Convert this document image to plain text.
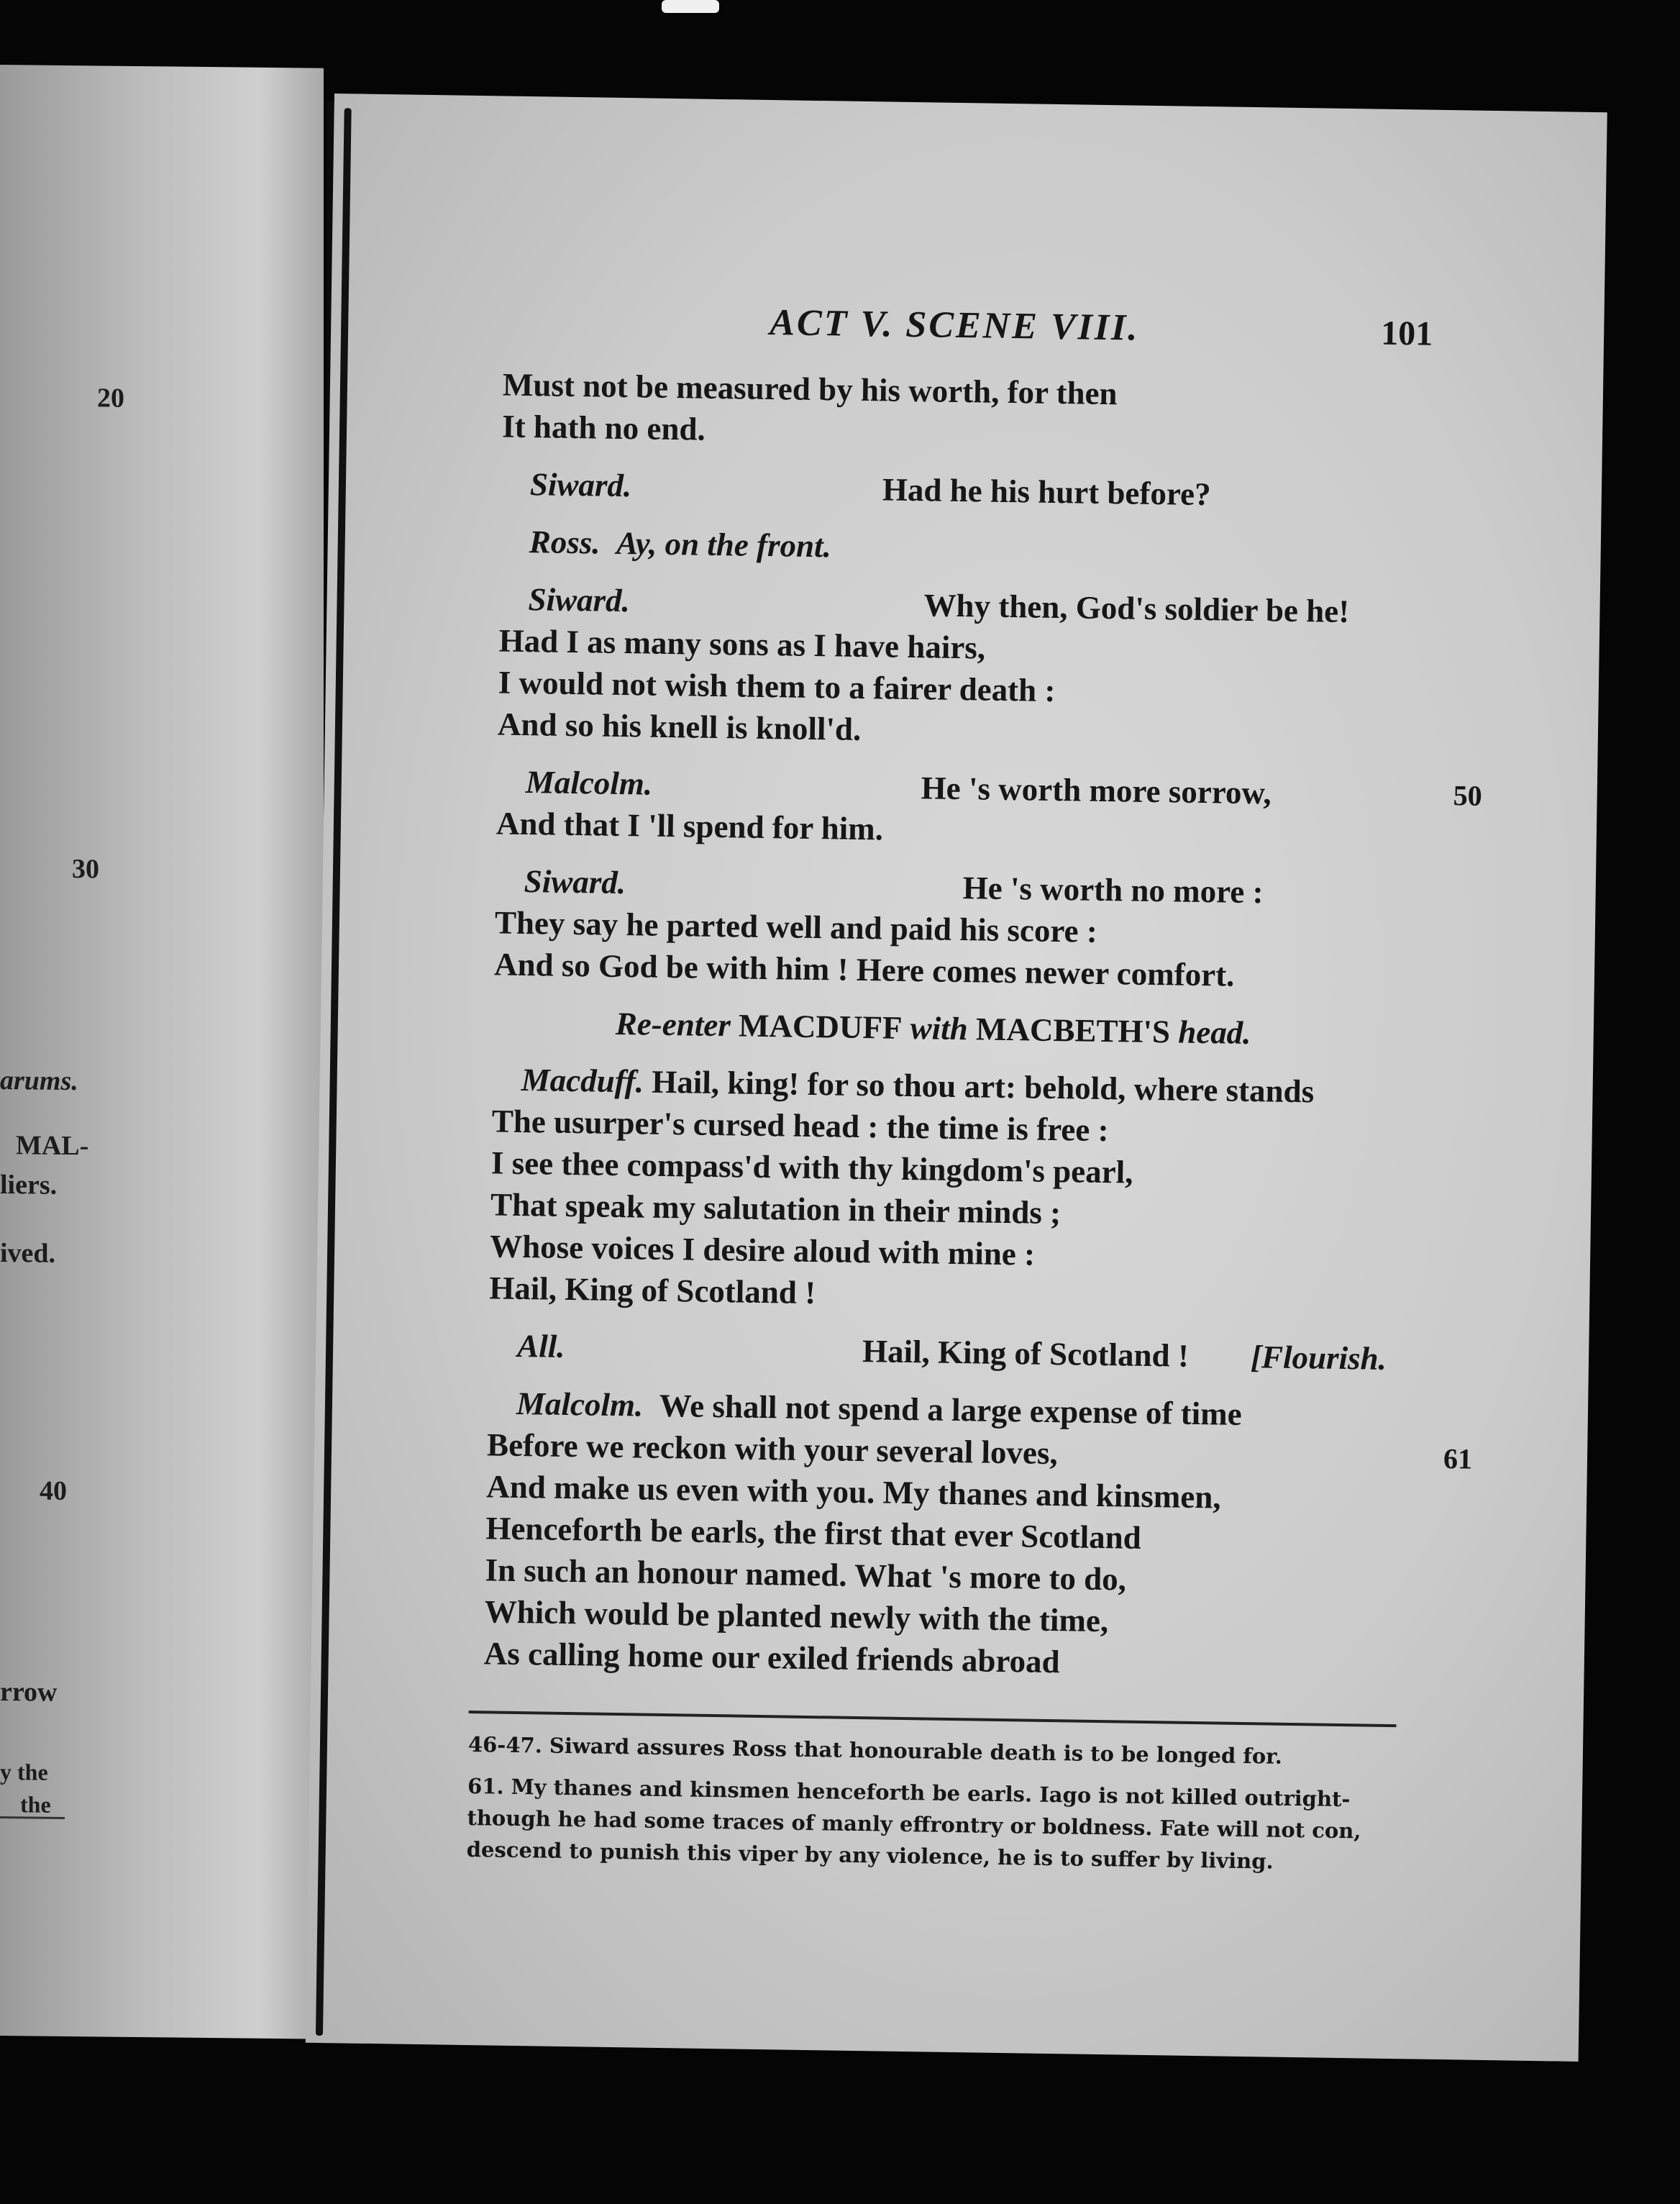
20
30
arums.
MAL-
liers.
ived.
40
rrow
y the
the
ACT V. SCENE VIII.	101
Must not be measured by his worth, for then
It hath no end.
Siward.	Had he his hurt before?
Ross. Ay, on the front.
Siward.	Why then, God's soldier be he!
Had I as many sons as I have hairs,
I would not wish them to a fairer death :
And so his knell is knoll'd.
Malcolm.	He 's worth more sorrow,	50
And that I 'll spend for him.
Siward.	He 's worth no more :
They say he parted well and paid his score :
And so God be with him ! Here comes newer comfort.
Re-enter MACDUFF with MACBETH'S head.
Macduff. Hail, king! for so thou art: behold, where stands
The usurper's cursed head : the time is free :
I see thee compass'd with thy kingdom's pearl,
That speak my salutation in their minds ;
Whose voices I desire aloud with mine :
Hail, King of Scotland !
All.	Hail, King of Scotland ! [Flourish.
Malcolm. We shall not spend a large expense of time
Before we reckon with your several loves,	61
And make us even with you. My thanes and kinsmen,
Henceforth be earls, the first that ever Scotland
In such an honour named. What 's more to do,
Which would be planted newly with the time,
As calling home our exiled friends abroad
46-47. Siward assures Ross that honourable death is to be longed for.
61. My thanes and kinsmen henceforth be earls. Iago is not killed outright-
though he had some traces of manly effrontry or boldness. Fate will not con,
descend to punish this viper by any violence, he is to suffer by living.
